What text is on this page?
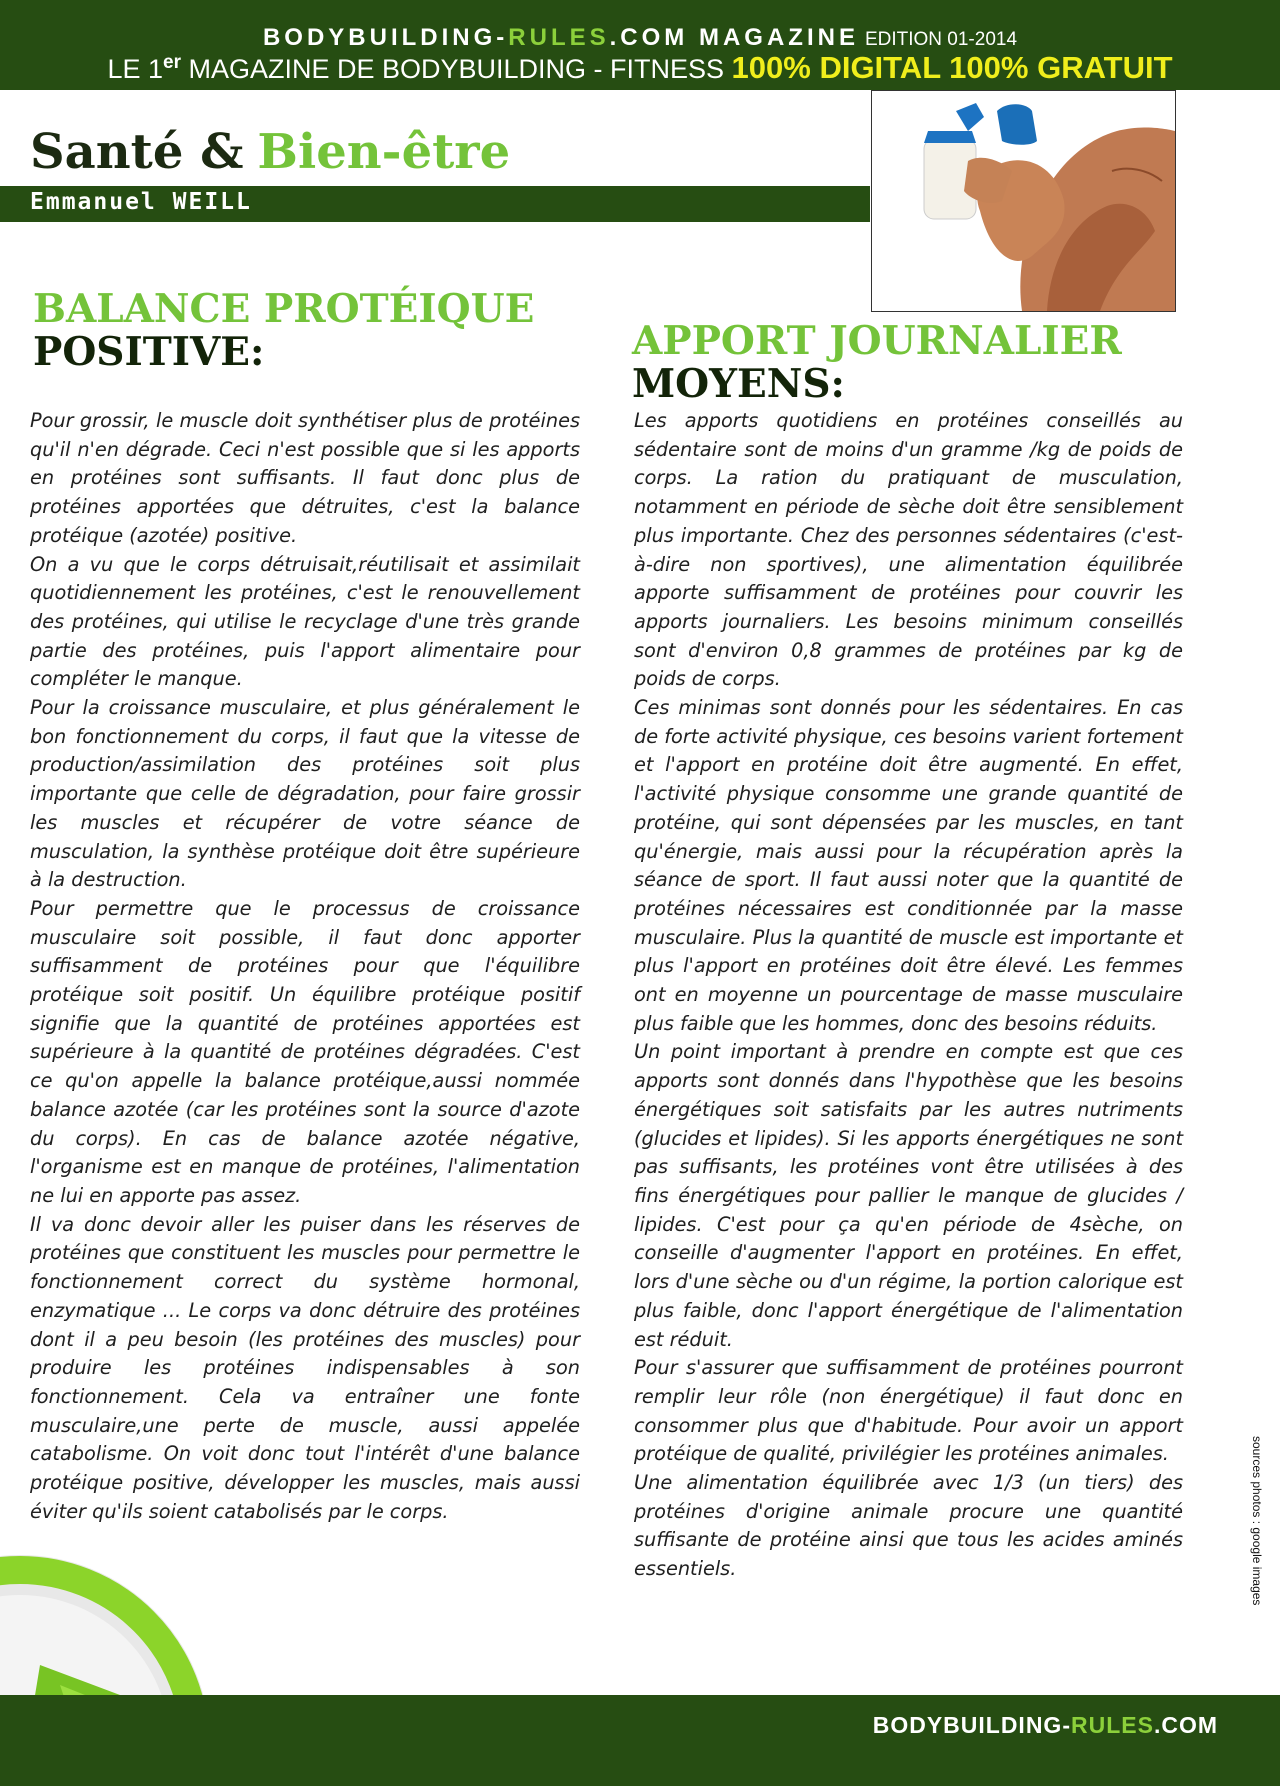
BODYBUILDING-RULES.COM MAGAZINE EDITION 01-2014
LE 1er MAGAZINE DE BODYBUILDING - FITNESS 100% DIGITAL 100% GRATUIT
Santé & Bien-être
Emmanuel WEILL
BALANCE PROTÉIQUE
POSITIVE:	APPORT JOURNALIER
MOYENS:

Pour grossir, le muscle doit synthétiser plus de protéines qu'il n'en dégrade. Ceci n'est possible que si les apports en protéines sont suffisants. Il faut donc plus de protéines apportées que détruites, c'est la balance protéique (azotée) positive.

On a vu que le corps détruisait,réutilisait et assimilait quotidiennement les protéines, c'est le renouvellement des protéines, qui utilise le recyclage d'une très grande partie des protéines, puis l'apport alimentaire pour compléter le manque.

Pour la croissance musculaire, et plus généralement le bon fonctionnement du corps, il faut que la vitesse de production/assimilation des protéines soit plus importante que celle de dégradation, pour faire grossir les muscles et récupérer de votre séance de musculation, la synthèse protéique doit être supérieure à la destruction.

Pour permettre que le processus de croissance musculaire soit possible, il faut donc apporter suffisamment de protéines pour que l'équilibre protéique soit positif. Un équilibre protéique positif signifie que la quantité de protéines apportées est supérieure à la quantité de protéines dégradées. C'est ce qu'on appelle la balance protéique,aussi nommée balance azotée (car les protéines sont la source d'azote du corps). En cas de balance azotée négative, l'organisme est en manque de protéines, l'alimentation ne lui en apporte pas assez.

Il va donc devoir aller les puiser dans les réserves de protéines que constituent les muscles pour permettre le fonctionnement correct du système hormonal, enzymatique ... Le corps va donc détruire des protéines dont il a peu besoin (les protéines des muscles) pour produire les protéines indispensables à son fonctionnement. Cela va entraîner une fonte musculaire,une perte de muscle, aussi appelée catabolisme. On voit donc tout l'intérêt d'une balance protéique positive, développer les muscles, mais aussi éviter qu'ils soient catabolisés par le corps.

Les apports quotidiens en protéines conseillés au sédentaire sont de moins d'un gramme /kg de poids de corps. La ration du pratiquant de musculation, notamment en période de sèche doit être sensiblement plus importante. Chez des personnes sédentaires (c'est-à-dire non sportives), une alimentation équilibrée apporte suffisamment de protéines pour couvrir les apports journaliers. Les besoins minimum conseillés sont d'environ 0,8 grammes de protéines par kg de poids de corps.

Ces minimas sont donnés pour les sédentaires. En cas de forte activité physique, ces besoins varient fortement et l'apport en protéine doit être augmenté. En effet, l'activité physique consomme une grande quantité de protéine, qui sont dépensées par les muscles, en tant qu'énergie, mais aussi pour la récupération après la séance de sport. Il faut aussi noter que la quantité de protéines nécessaires est conditionnée par la masse musculaire. Plus la quantité de muscle est importante et plus l'apport en protéines doit être élevé. Les femmes ont en moyenne un pourcentage de masse musculaire plus faible que les hommes, donc des besoins réduits.

Un point important à prendre en compte est que ces apports sont donnés dans l'hypothèse que les besoins énergétiques soit satisfaits par les autres nutriments (glucides et lipides). Si les apports énergétiques ne sont pas suffisants, les protéines vont être utilisées à des fins énergétiques pour pallier le manque de glucides / lipides. C'est pour ça qu'en période de 4sèche, on conseille d'augmenter l'apport en protéines. En effet, lors d'une sèche ou d'un régime, la portion calorique est plus faible, donc l'apport énergétique de l'alimentation est réduit.

Pour s'assurer que suffisamment de protéines pourront remplir leur rôle (non énergétique) il faut donc en consommer plus que d'habitude. Pour avoir un apport protéique de qualité, privilégier les protéines animales.

Une alimentation équilibrée avec 1/3 (un tiers) des protéines d'origine animale procure une quantité suffisante de protéine ainsi que tous les acides aminés essentiels.

BODYBUILDING-RULES.COM
sources photos : google images
